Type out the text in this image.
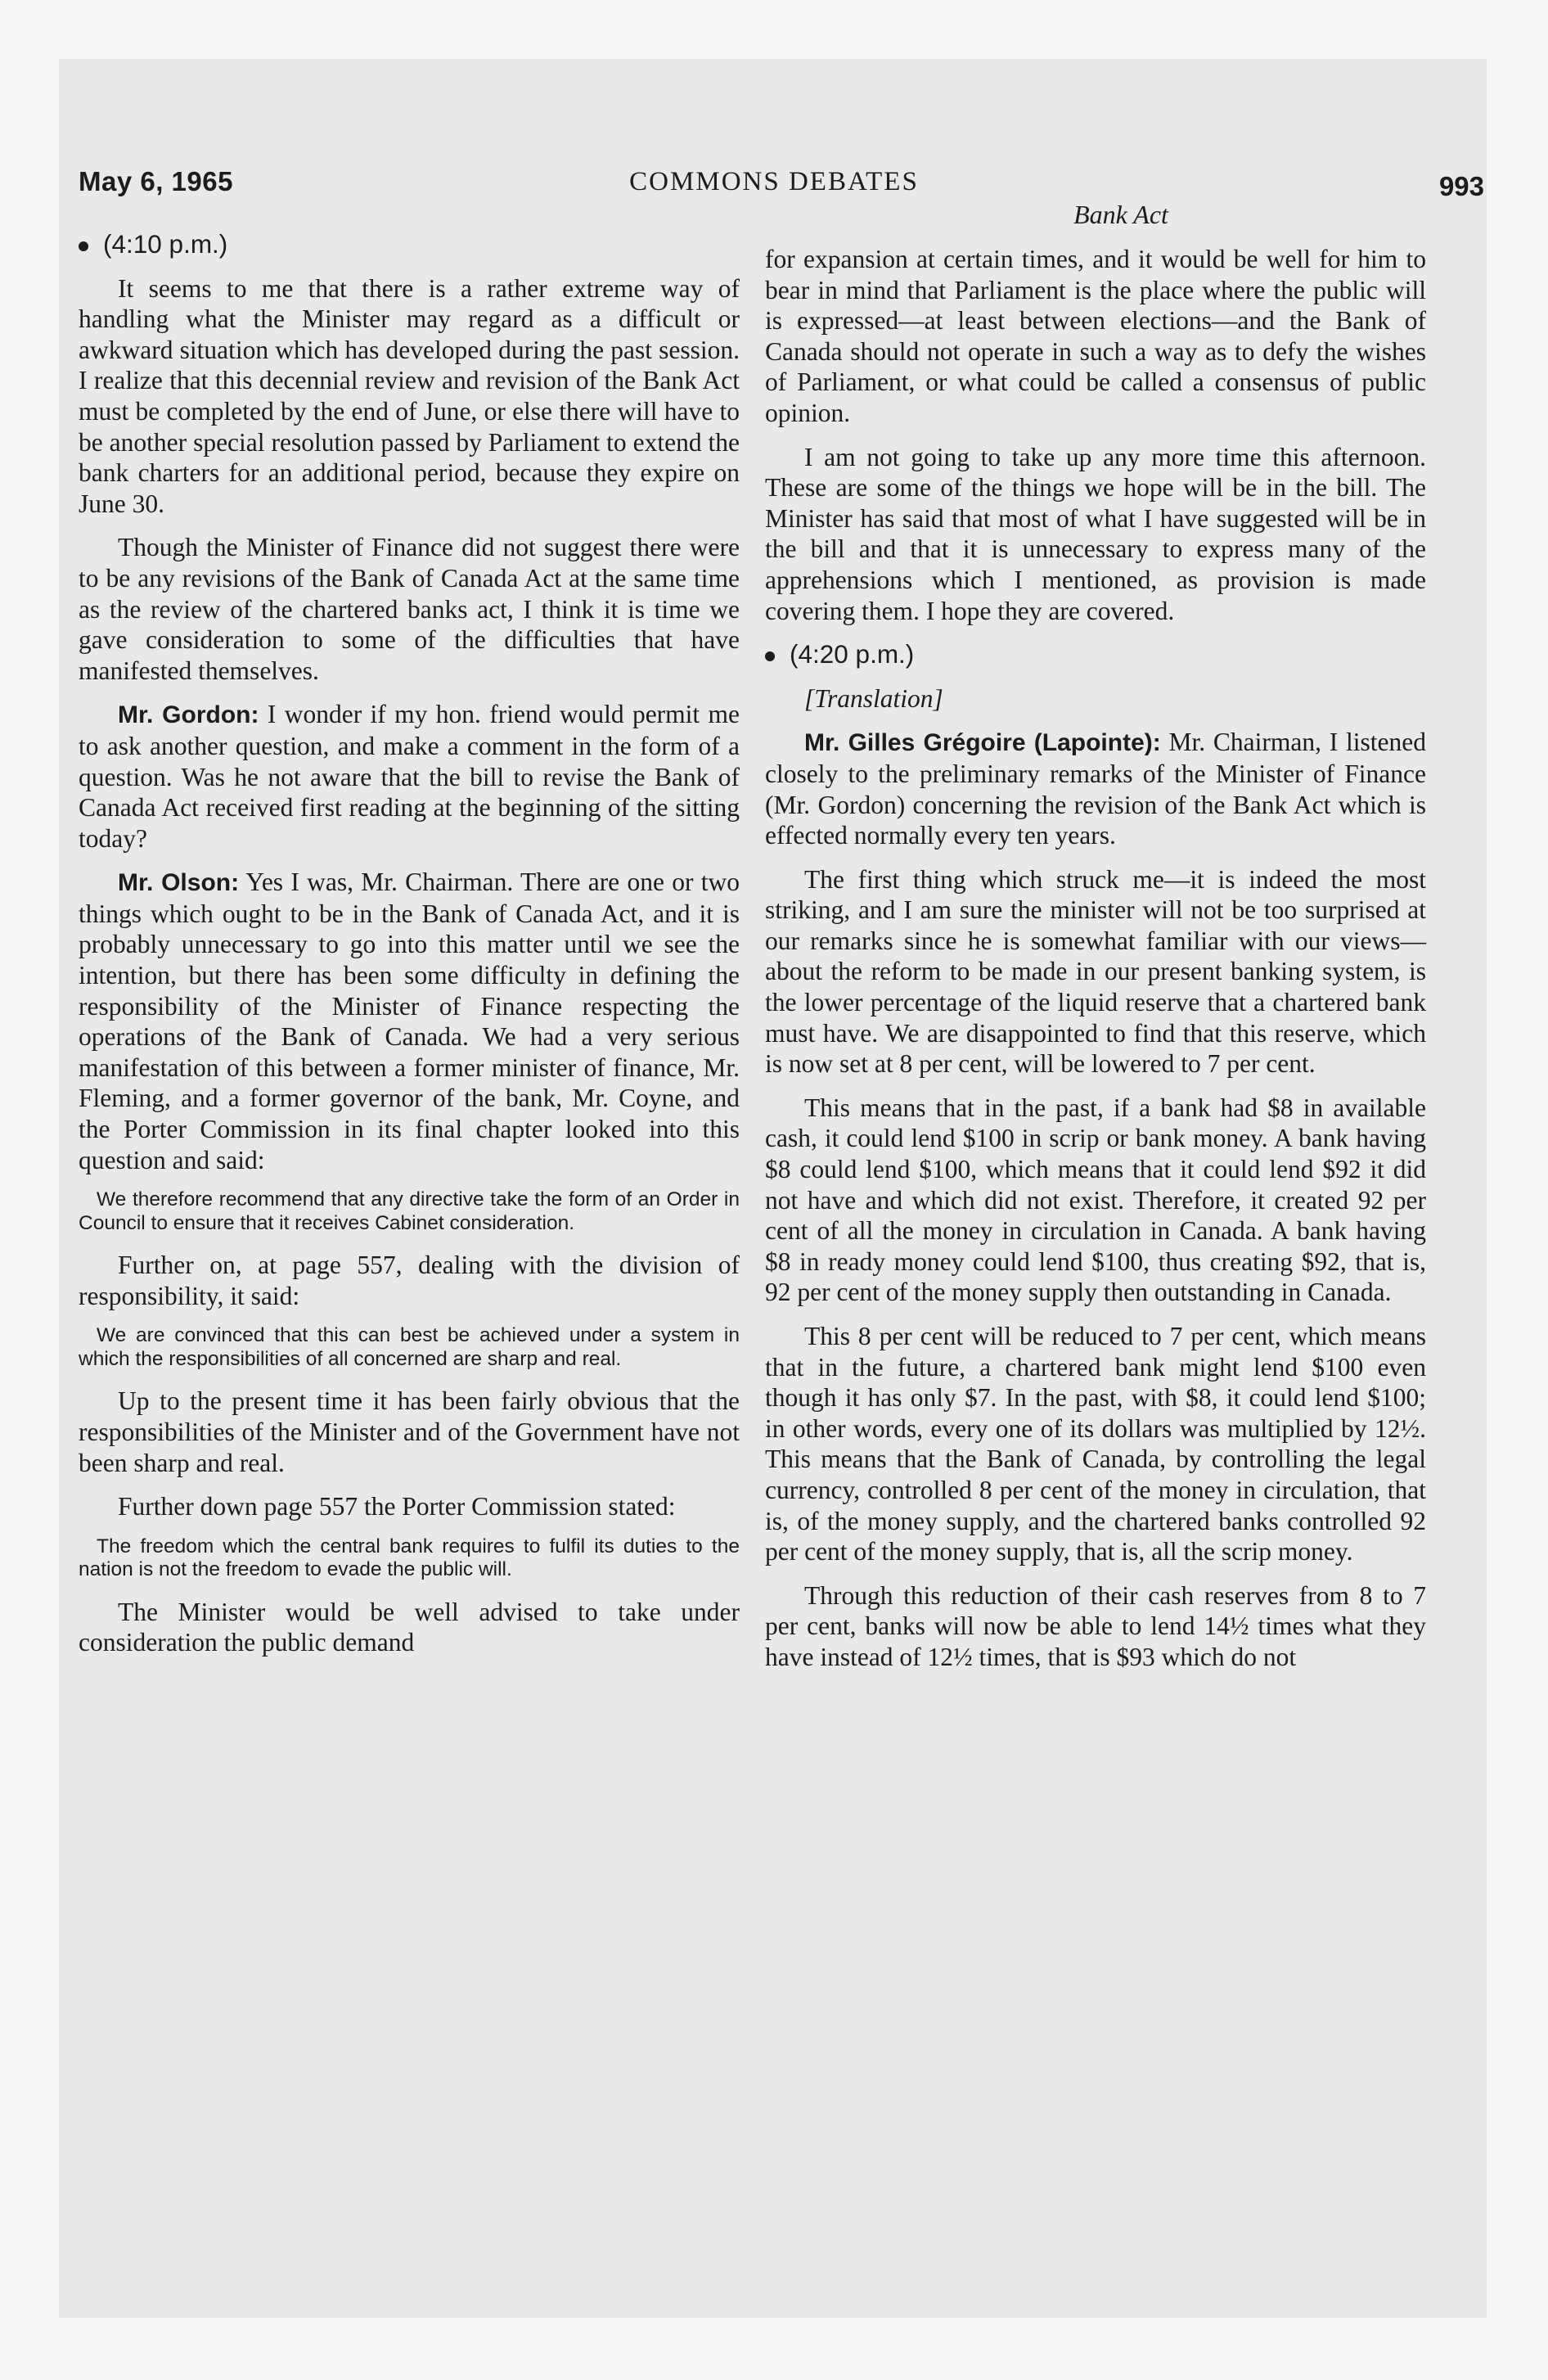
May 6, 1965	COMMONS DEBATES	993
Bank Act

(4:10 p.m.)

It seems to me that there is a rather extreme way of handling what the Minister may regard as a difficult or awkward situation which has developed during the past session. I realize that this decennial review and revision of the Bank Act must be completed by the end of June, or else there will have to be another special resolution passed by Parliament to extend the bank charters for an additional period, because they expire on June 30.

Though the Minister of Finance did not suggest there were to be any revisions of the Bank of Canada Act at the same time as the review of the chartered banks act, I think it is time we gave consideration to some of the difficulties that have manifested themselves.

Mr. Gordon: I wonder if my hon. friend would permit me to ask another question, and make a comment in the form of a question. Was he not aware that the bill to revise the Bank of Canada Act received first reading at the beginning of the sitting today?

Mr. Olson: Yes I was, Mr. Chairman. There are one or two things which ought to be in the Bank of Canada Act, and it is probably unnecessary to go into this matter until we see the intention, but there has been some difficulty in defining the responsibility of the Minister of Finance respecting the operations of the Bank of Canada. We had a very serious manifestation of this between a former minister of finance, Mr. Fleming, and a former governor of the bank, Mr. Coyne, and the Porter Commission in its final chapter looked into this question and said:

We therefore recommend that any directive take the form of an Order in Council to ensure that it receives Cabinet consideration.

Further on, at page 557, dealing with the division of responsibility, it said:

We are convinced that this can best be achieved under a system in which the responsibilities of all concerned are sharp and real.

Up to the present time it has been fairly obvious that the responsibilities of the Minister and of the Government have not been sharp and real.

Further down page 557 the Porter Commission stated:

The freedom which the central bank requires to fulfil its duties to the nation is not the freedom to evade the public will.

The Minister would be well advised to take under consideration the public demand

for expansion at certain times, and it would be well for him to bear in mind that Parliament is the place where the public will is expressed—at least between elections—and the Bank of Canada should not operate in such a way as to defy the wishes of Parliament, or what could be called a consensus of public opinion.

I am not going to take up any more time this afternoon. These are some of the things we hope will be in the bill. The Minister has said that most of what I have suggested will be in the bill and that it is unnecessary to express many of the apprehensions which I mentioned, as provision is made covering them. I hope they are covered.

(4:20 p.m.)

[Translation]

Mr. Gilles Grégoire (Lapointe): Mr. Chairman, I listened closely to the preliminary remarks of the Minister of Finance (Mr. Gordon) concerning the revision of the Bank Act which is effected normally every ten years.

The first thing which struck me—it is indeed the most striking, and I am sure the minister will not be too surprised at our remarks since he is somewhat familiar with our views—about the reform to be made in our present banking system, is the lower percentage of the liquid reserve that a chartered bank must have. We are disappointed to find that this reserve, which is now set at 8 per cent, will be lowered to 7 per cent.

This means that in the past, if a bank had $8 in available cash, it could lend $100 in scrip or bank money. A bank having $8 could lend $100, which means that it could lend $92 it did not have and which did not exist. Therefore, it created 92 per cent of all the money in circulation in Canada. A bank having $8 in ready money could lend $100, thus creating $92, that is, 92 per cent of the money supply then outstanding in Canada.

This 8 per cent will be reduced to 7 per cent, which means that in the future, a chartered bank might lend $100 even though it has only $7. In the past, with $8, it could lend $100; in other words, every one of its dollars was multiplied by 12½. This means that the Bank of Canada, by controlling the legal currency, controlled 8 per cent of the money in circulation, that is, of the money supply, and the chartered banks controlled 92 per cent of the money supply, that is, all the scrip money.

Through this reduction of their cash reserves from 8 to 7 per cent, banks will now be able to lend 14½ times what they have instead of 12½ times, that is $93 which do not
